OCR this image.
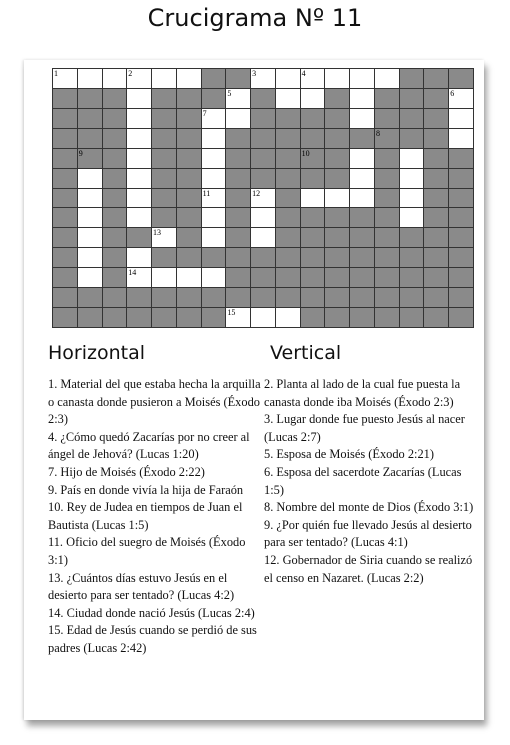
Crucigrama Nº 11
1	2	3	4
5	6
7
8
9	10
11	12
13
14
15
Horizontal	Vertical

1. Material del que estaba hecha la arquilla o canasta donde pusieron a Moisés (Éxodo 2:3)

4. ¿Cómo quedó Zacarías por no creer al ángel de Jehová? (Lucas 1:20)

7. Hijo de Moisés (Éxodo 2:22)

9. País en donde vivía la hija de Faraón

10. Rey de Judea en tiempos de Juan el Bautista (Lucas 1:5)

11. Oficio del suegro de Moisés (Éxodo 3:1)

13. ¿Cuántos días estuvo Jesús en el desierto para ser tentado? (Lucas 4:2)

14. Ciudad donde nació Jesús (Lucas 2:4)

15. Edad de Jesús cuando se perdió de sus padres (Lucas 2:42)

2. Planta al lado de la cual fue puesta la canasta donde iba Moisés (Éxodo 2:3)

3. Lugar donde fue puesto Jesús al nacer (Lucas 2:7)

5. Esposa de Moisés (Éxodo 2:21)

6. Esposa del sacerdote Zacarías (Lucas 1:5)

8. Nombre del monte de Dios (Éxodo 3:1)

9. ¿Por quién fue llevado Jesús al desierto para ser tentado? (Lucas 4:1)

12. Gobernador de Siria cuando se realizó el censo en Nazaret. (Lucas 2:2)
